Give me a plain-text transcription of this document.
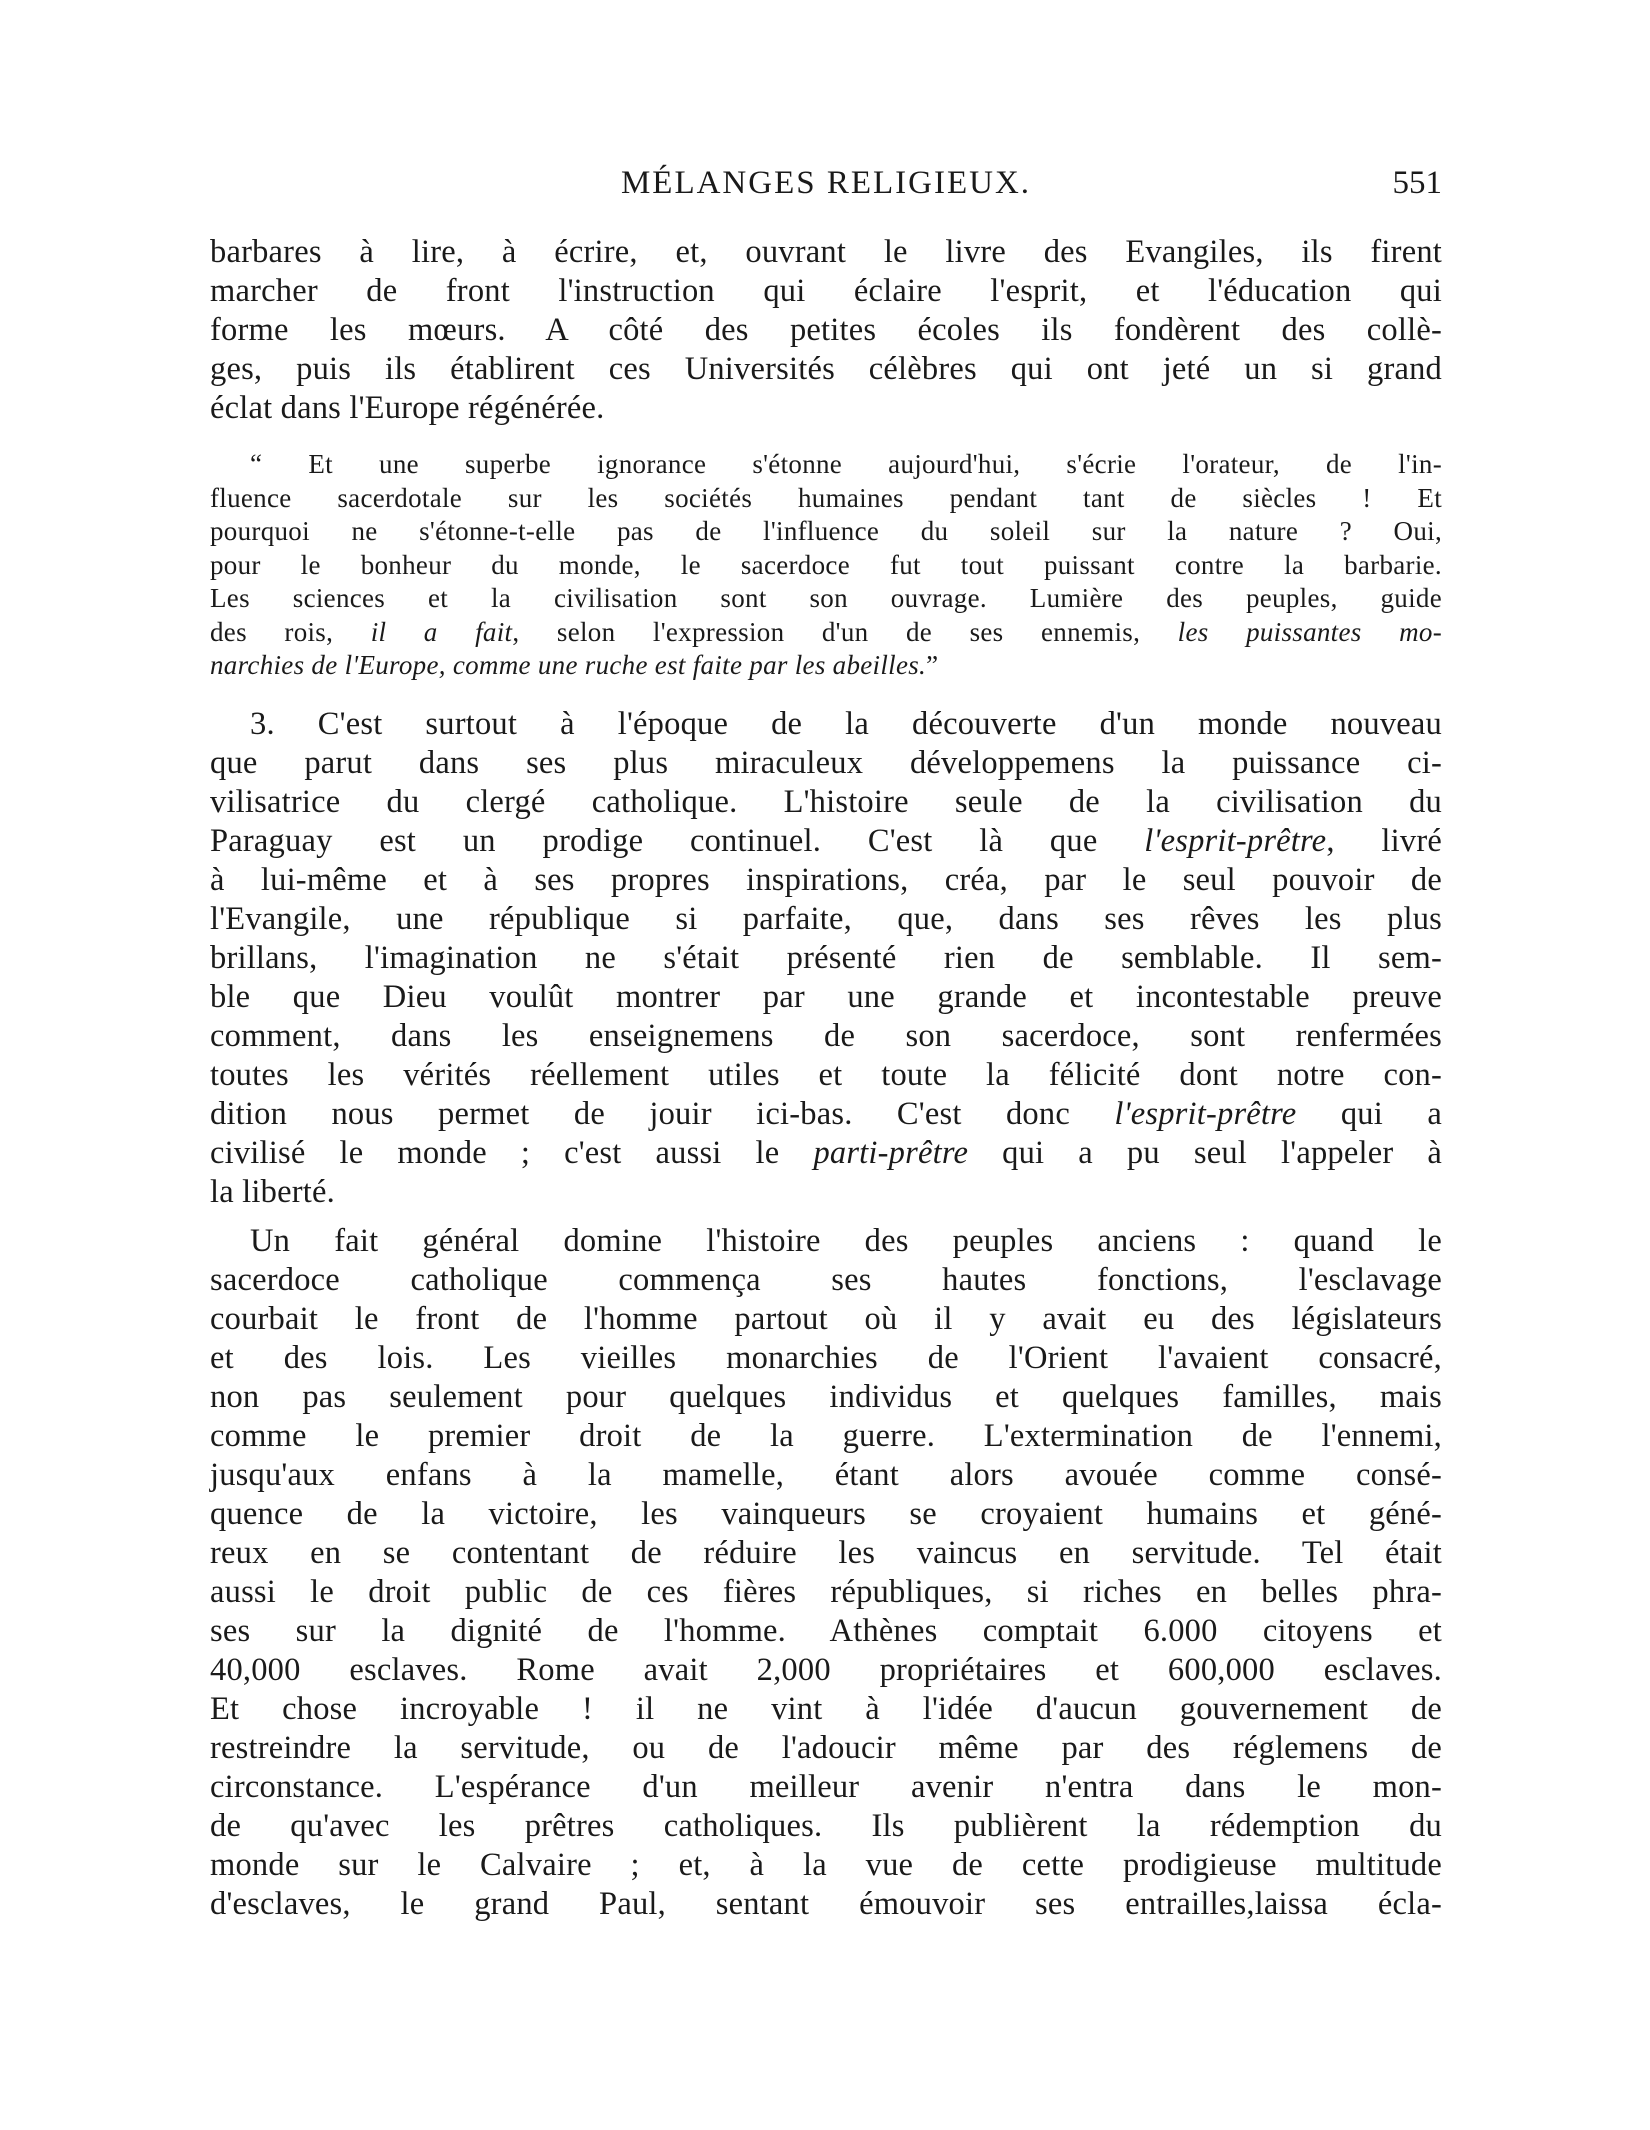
MÉLANGES RELIGIEUX.	551
barbares à lire, à écrire, et, ouvrant le livre des Evangiles, ils firent
marcher de front l'instruction qui éclaire l'esprit, et l'éducation qui
forme les mœurs. A côté des petites écoles ils fondèrent des collè-
ges, puis ils établirent ces Universités célèbres qui ont jeté un si grand
éclat dans l'Europe régénérée.
“ Et une superbe ignorance s'étonne aujourd'hui, s'écrie l'orateur, de l'in-
fluence sacerdotale sur les sociétés humaines pendant tant de siècles ! Et
pourquoi ne s'étonne-t-elle pas de l'influence du soleil sur la nature ? Oui,
pour le bonheur du monde, le sacerdoce fut tout puissant contre la barbarie.
Les sciences et la civilisation sont son ouvrage. Lumière des peuples, guide
des rois, il a fait, selon l'expression d'un de ses ennemis, les puissantes mo-
narchies de l'Europe, comme une ruche est faite par les abeilles.”
3. C'est surtout à l'époque de la découverte d'un monde nouveau
que parut dans ses plus miraculeux développemens la puissance ci-
vilisatrice du clergé catholique. L'histoire seule de la civilisation du
Paraguay est un prodige continuel. C'est là que l'esprit-prêtre, livré
à lui-même et à ses propres inspirations, créa, par le seul pouvoir de
l'Evangile, une république si parfaite, que, dans ses rêves les plus
brillans, l'imagination ne s'était présenté rien de semblable. Il sem-
ble que Dieu voulût montrer par une grande et incontestable preuve
comment, dans les enseignemens de son sacerdoce, sont renfermées
toutes les vérités réellement utiles et toute la félicité dont notre con-
dition nous permet de jouir ici-bas. C'est donc l'esprit-prêtre qui a
civilisé le monde ; c'est aussi le parti-prêtre qui a pu seul l'appeler à
la liberté.
Un fait général domine l'histoire des peuples anciens : quand le
sacerdoce catholique commença ses hautes fonctions, l'esclavage
courbait le front de l'homme partout où il y avait eu des législateurs
et des lois. Les vieilles monarchies de l'Orient l'avaient consacré,
non pas seulement pour quelques individus et quelques familles, mais
comme le premier droit de la guerre. L'extermination de l'ennemi,
jusqu'aux enfans à la mamelle, étant alors avouée comme consé-
quence de la victoire, les vainqueurs se croyaient humains et géné-
reux en se contentant de réduire les vaincus en servitude. Tel était
aussi le droit public de ces fières républiques, si riches en belles phra-
ses sur la dignité de l'homme. Athènes comptait 6.000 citoyens et
40,000 esclaves. Rome avait 2,000 propriétaires et 600,000 esclaves.
Et chose incroyable ! il ne vint à l'idée d'aucun gouvernement de
restreindre la servitude, ou de l'adoucir même par des réglemens de
circonstance. L'espérance d'un meilleur avenir n'entra dans le mon-
de qu'avec les prêtres catholiques. Ils publièrent la rédemption du
monde sur le Calvaire ; et, à la vue de cette prodigieuse multitude
d'esclaves, le grand Paul, sentant émouvoir ses entrailles,laissa écla-
